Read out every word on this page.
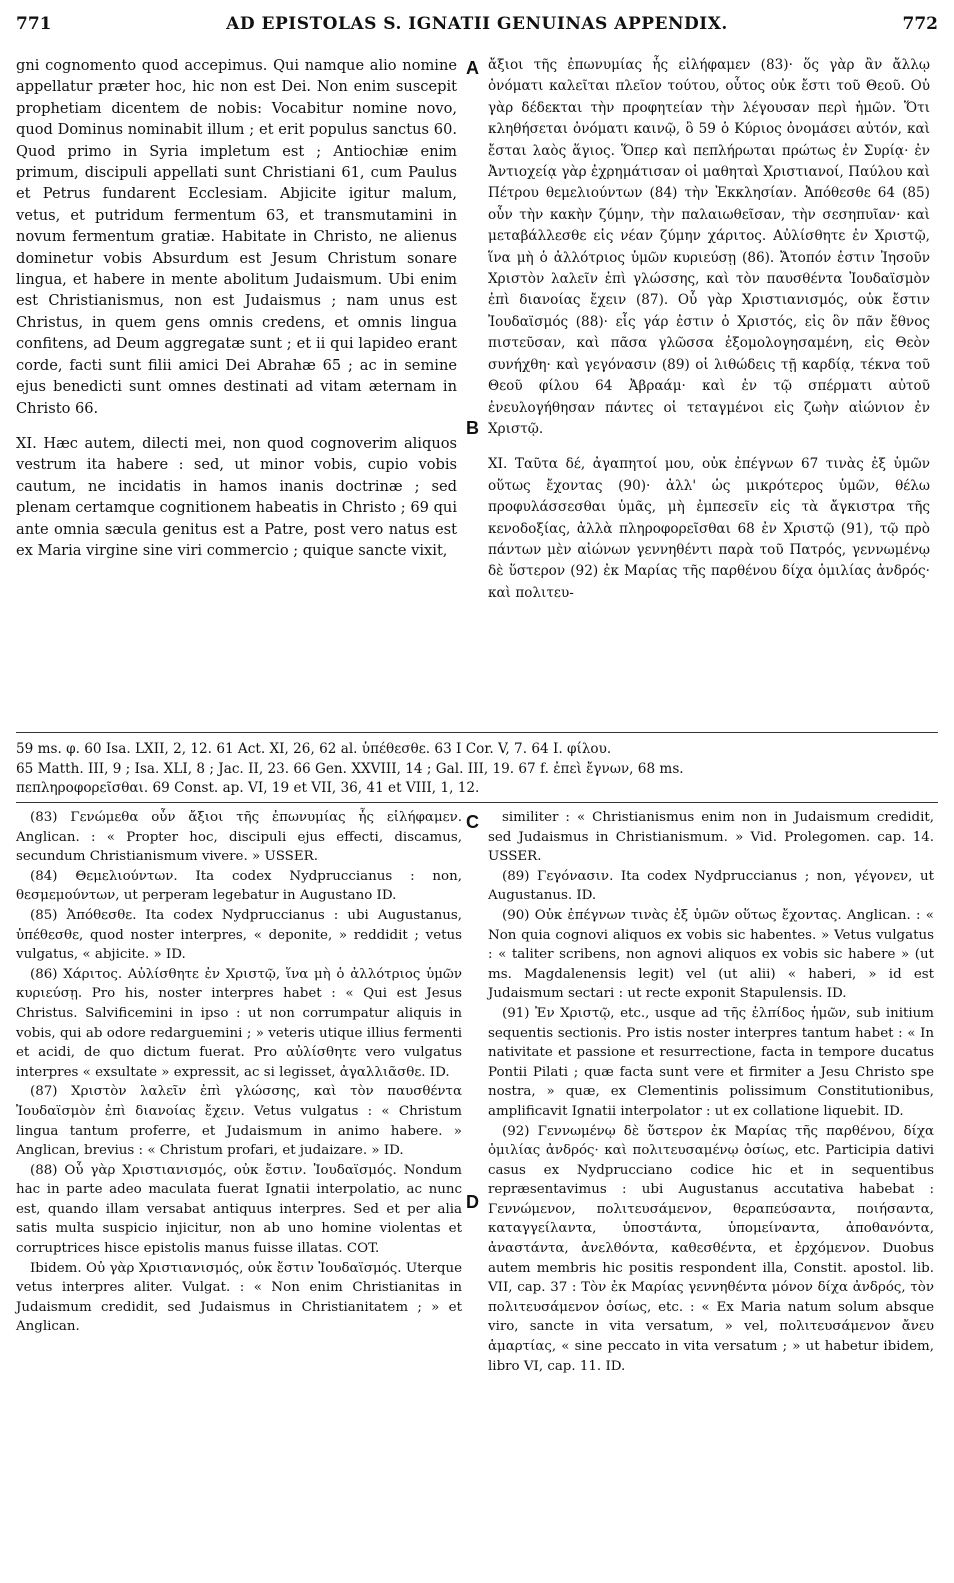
771	AD EPISTOLAS S. IGNATII GENUINAS APPENDIX.	772

gni cognomento quod accepimus. Qui namque alio nomine appellatur præter hoc, hic non est Dei. Non enim suscepit prophetiam dicentem de nobis: Vocabitur nomine novo, quod Dominus nominabit illum ; et erit populus sanctus 60. Quod primo in Syria impletum est ; Antiochiæ enim primum, discipuli appellati sunt Christiani 61, cum Paulus et Petrus fundarent Ecclesiam. Abjicite igitur malum, vetus, et putridum fermentum 63, et transmutamini in novum fermentum gratiæ. Habitate in Christo, ne alienus dominetur vobis Absurdum est Jesum Christum sonare lingua, et habere in mente abolitum Judaismum. Ubi enim est Christianismus, non est Judaismus ; nam unus est Christus, in quem gens omnis credens, et omnis lingua confitens, ad Deum aggregatæ sunt ; et ii qui lapideo erant corde, facti sunt filii amici Dei Abrahæ 65 ; ac in semine ejus benedicti sunt omnes destinati ad vitam æternam in Christo 66.

XI. Hæc autem, dilecti mei, non quod cognoverim aliquos vestrum ita habere : sed, ut minor vobis, cupio vobis cautum, ne incidatis in hamos inanis doctrinæ ; sed plenam certamque cognitionem habeatis in Christo ; 69 qui ante omnia sæcula genitus est a Patre, post vero natus est ex Maria virgine sine viri commercio ; quique sancte vixit,

A
B
C
D

ἄξιοι τῆς ἐπωνυμίας ἧς εἰλήφαμεν (83)· ὅς γὰρ ἂν ἄλλῳ ὀνόματι καλεῖται πλεῖον τούτου, οὗτος οὐκ ἔστι τοῦ Θεοῦ. Οὐ γὰρ δέδεκται τὴν προφητείαν τὴν λέγουσαν περὶ ἡμῶν. Ὅτι κληθήσεται ὀνόματι καινῷ, ὃ 59 ὁ Κύριος ὀνομάσει αὐτόν, καὶ ἔσται λαὸς ἅγιος. Ὅπερ καὶ πεπλήρωται πρώτως ἐν Συρίᾳ· ἐν Ἀντιοχείᾳ γὰρ ἐχρημάτισαν οἱ μαθηταὶ Χριστιανοί, Παύλου καὶ Πέτρου θεμελιούντων (84) τὴν Ἐκκλησίαν. Ἀπόθεσθε 64 (85) οὖν τὴν κακὴν ζύμην, τὴν παλαιωθεῖσαν, τὴν σεσηπυῖαν· καὶ μεταβάλλεσθε εἰς νέαν ζύμην χάριτος. Αὐλίσθητε ἐν Χριστῷ, ἵνα μὴ ὁ ἀλλότριος ὑμῶν κυριεύσῃ (86). Ἄτοπόν ἐστιν Ἰησοῦν Χριστὸν λαλεῖν ἐπὶ γλώσσης, καὶ τὸν παυσθέντα Ἰουδαϊσμὸν ἐπὶ διανοίας ἔχειν (87). Οὗ γὰρ Χριστιανισμός, οὐκ ἔστιν Ἰουδαϊσμός (88)· εἷς γάρ ἐστιν ὁ Χριστός, εἰς ὃν πᾶν ἔθνος πιστεῦσαν, καὶ πᾶσα γλῶσσα ἐξομολογησαμένη, εἰς Θεὸν συνήχθη· καὶ γεγόνασιν (89) οἱ λιθώδεις τῇ καρδίᾳ, τέκνα τοῦ Θεοῦ φίλου 64 Ἀβραάμ· καὶ ἐν τῷ σπέρματι αὐτοῦ ἐνευλογήθησαν πάντες οἱ τεταγμένοι εἰς ζωὴν αἰώνιον ἐν Χριστῷ.

XI. Ταῦτα δέ, ἀγαπητοί μου, οὐκ ἐπέγνων 67 τινὰς ἐξ ὑμῶν οὕτως ἔχοντας (90)· ἀλλ' ὡς μικρότερος ὑμῶν, θέλω προφυλάσσεσθαι ὑμᾶς, μὴ ἐμπεσεῖν εἰς τὰ ἄγκιστρα τῆς κενοδοξίας, ἀλλὰ πληροφορεῖσθαι 68 ἐν Χριστῷ (91), τῷ πρὸ πάντων μὲν αἰώνων γεννηθέντι παρὰ τοῦ Πατρός, γεννωμένῳ δὲ ὕστερον (92) ἐκ Μαρίας τῆς παρθένου δίχα ὁμιλίας ἀνδρός· καὶ πολιτευ-

59 ms. φ. 60 Isa. LXII, 2, 12. 61 Act. XI, 26, 62 al. ὑπέθεσθε. 63 I Cor. V, 7. 64 I. φίλου.

65 Matth. III, 9 ; Isa. XLI, 8 ; Jac. II, 23. 66 Gen. XXVIII, 14 ; Gal. III, 19. 67 f. ἐπεὶ ἔγνων, 68 ms.

πεπληροφορεῖσθαι. 69 Const. ap. VI, 19 et VII, 36, 41 et VIII, 1, 12.

(83) Γενώμεθα οὖν ἄξιοι τῆς ἐπωνυμίας ἧς εἰλήφαμεν. Anglican. : « Propter hoc, discipuli ejus effecti, discamus, secundum Christianismum vivere. » USSER.

(84) Θεμελιούντων. Ita codex Nydpruccianus : non, θεσμεμούντων, ut perperam legebatur in Augustano ID.

(85) Ἀπόθεσθε. Ita codex Nydpruccianus : ubi Augustanus, ὑπέθεσθε, quod noster interpres, « deponite, » reddidit ; vetus vulgatus, « abjicite. » ID.

(86) Χάριτος. Αὐλίσθητε ἐν Χριστῷ, ἵνα μὴ ὁ ἀλλότριος ὑμῶν κυριεύσῃ. Pro his, noster interpres habet : « Qui est Jesus Christus. Salvificemini in ipso : ut non corrumpatur aliquis in vobis, qui ab odore redarguemini ; » veteris utique illius fermenti et acidi, de quo dictum fuerat. Pro αὐλίσθητε vero vulgatus interpres « exsultate » expressit, ac si legisset, ἀγαλλιᾶσθε. ID.

(87) Χριστὸν λαλεῖν ἐπὶ γλώσσης, καὶ τὸν παυσθέντα Ἰουδαϊσμὸν ἐπὶ διανοίας ἔχειν. Vetus vulgatus : « Christum lingua tantum proferre, et Judaismum in animo habere. » Anglican, brevius : « Christum profari, et judaizare. » ID.

(88) Οὗ γὰρ Χριστιανισμός, οὐκ ἔστιν. Ἰουδαϊσμός. Nondum hac in parte adeo maculata fuerat Ignatii interpolatio, ac nunc est, quando illam versabat antiquus interpres. Sed et per alia satis multa suspicio injicitur, non ab uno homine violentas et corruptrices hisce epistolis manus fuisse illatas. COT.

Ibidem. Οὐ γὰρ Χριστιανισμός, οὐκ ἔστιν Ἰουδαϊσμός. Uterque vetus interpres aliter. Vulgat. : « Non enim Christianitas in Judaismum credidit, sed Judaismus in Christianitatem ; » et Anglican.

similiter : « Christianismus enim non in Judaismum credidit, sed Judaismus in Christianismum. » Vid. Prolegomen. cap. 14. USSER.

(89) Γεγόνασιν. Ita codex Nydpruccianus ; non, γέγονεν, ut Augustanus. ID.

(90) Οὐκ ἐπέγνων τινὰς ἐξ ὑμῶν οὕτως ἔχοντας. Anglican. : « Non quia cognovi aliquos ex vobis sic habentes. » Vetus vulgatus : « taliter scribens, non agnovi aliquos ex vobis sic habere » (ut ms. Magdalenensis legit) vel (ut alii) « haberi, » id est Judaismum sectari : ut recte exponit Stapulensis. ID.

(91) Ἐν Χριστῷ, etc., usque ad τῆς ἐλπίδος ἡμῶν, sub initium sequentis sectionis. Pro istis noster interpres tantum habet : « In nativitate et passione et resurrectione, facta in tempore ducatus Pontii Pilati ; quæ facta sunt vere et firmiter a Jesu Christo spe nostra, » quæ, ex Clementinis polissimum Constitutionibus, amplificavit Ignatii interpolator : ut ex collatione liquebit. ID.

(92) Γεννωμένῳ δὲ ὕστερον ἐκ Μαρίας τῆς παρθένου, δίχα ὁμιλίας ἀνδρός· καὶ πολιτευσαμένῳ ὁσίως, etc. Participia dativi casus ex Nydprucciano codice hic et in sequentibus repræsentavimus : ubi Augustanus accutativa habebat : Γεννώμενον, πολιτευσάμενον, θεραπεύσαντα, ποιήσαντα, καταγγείλαντα, ὑποστάντα, ὑπομείναντα, ἀποθανόντα, ἀναστάντα, ἀνελθόντα, καθεσθέντα, et ἐρχόμενον. Duobus autem membris hic positis respondent illa, Constit. apostol. lib. VII, cap. 37 : Τὸν ἐκ Μαρίας γεννηθέντα μόνον δίχα ἀνδρός, τὸν πολιτευσάμενον ὁσίως, etc. : « Ex Maria natum solum absque viro, sancte in vita versatum, » vel, πολιτευσάμενον ἄνευ ἁμαρτίας, « sine peccato in vita versatum ; » ut habetur ibidem, libro VI, cap. 11. ID.
